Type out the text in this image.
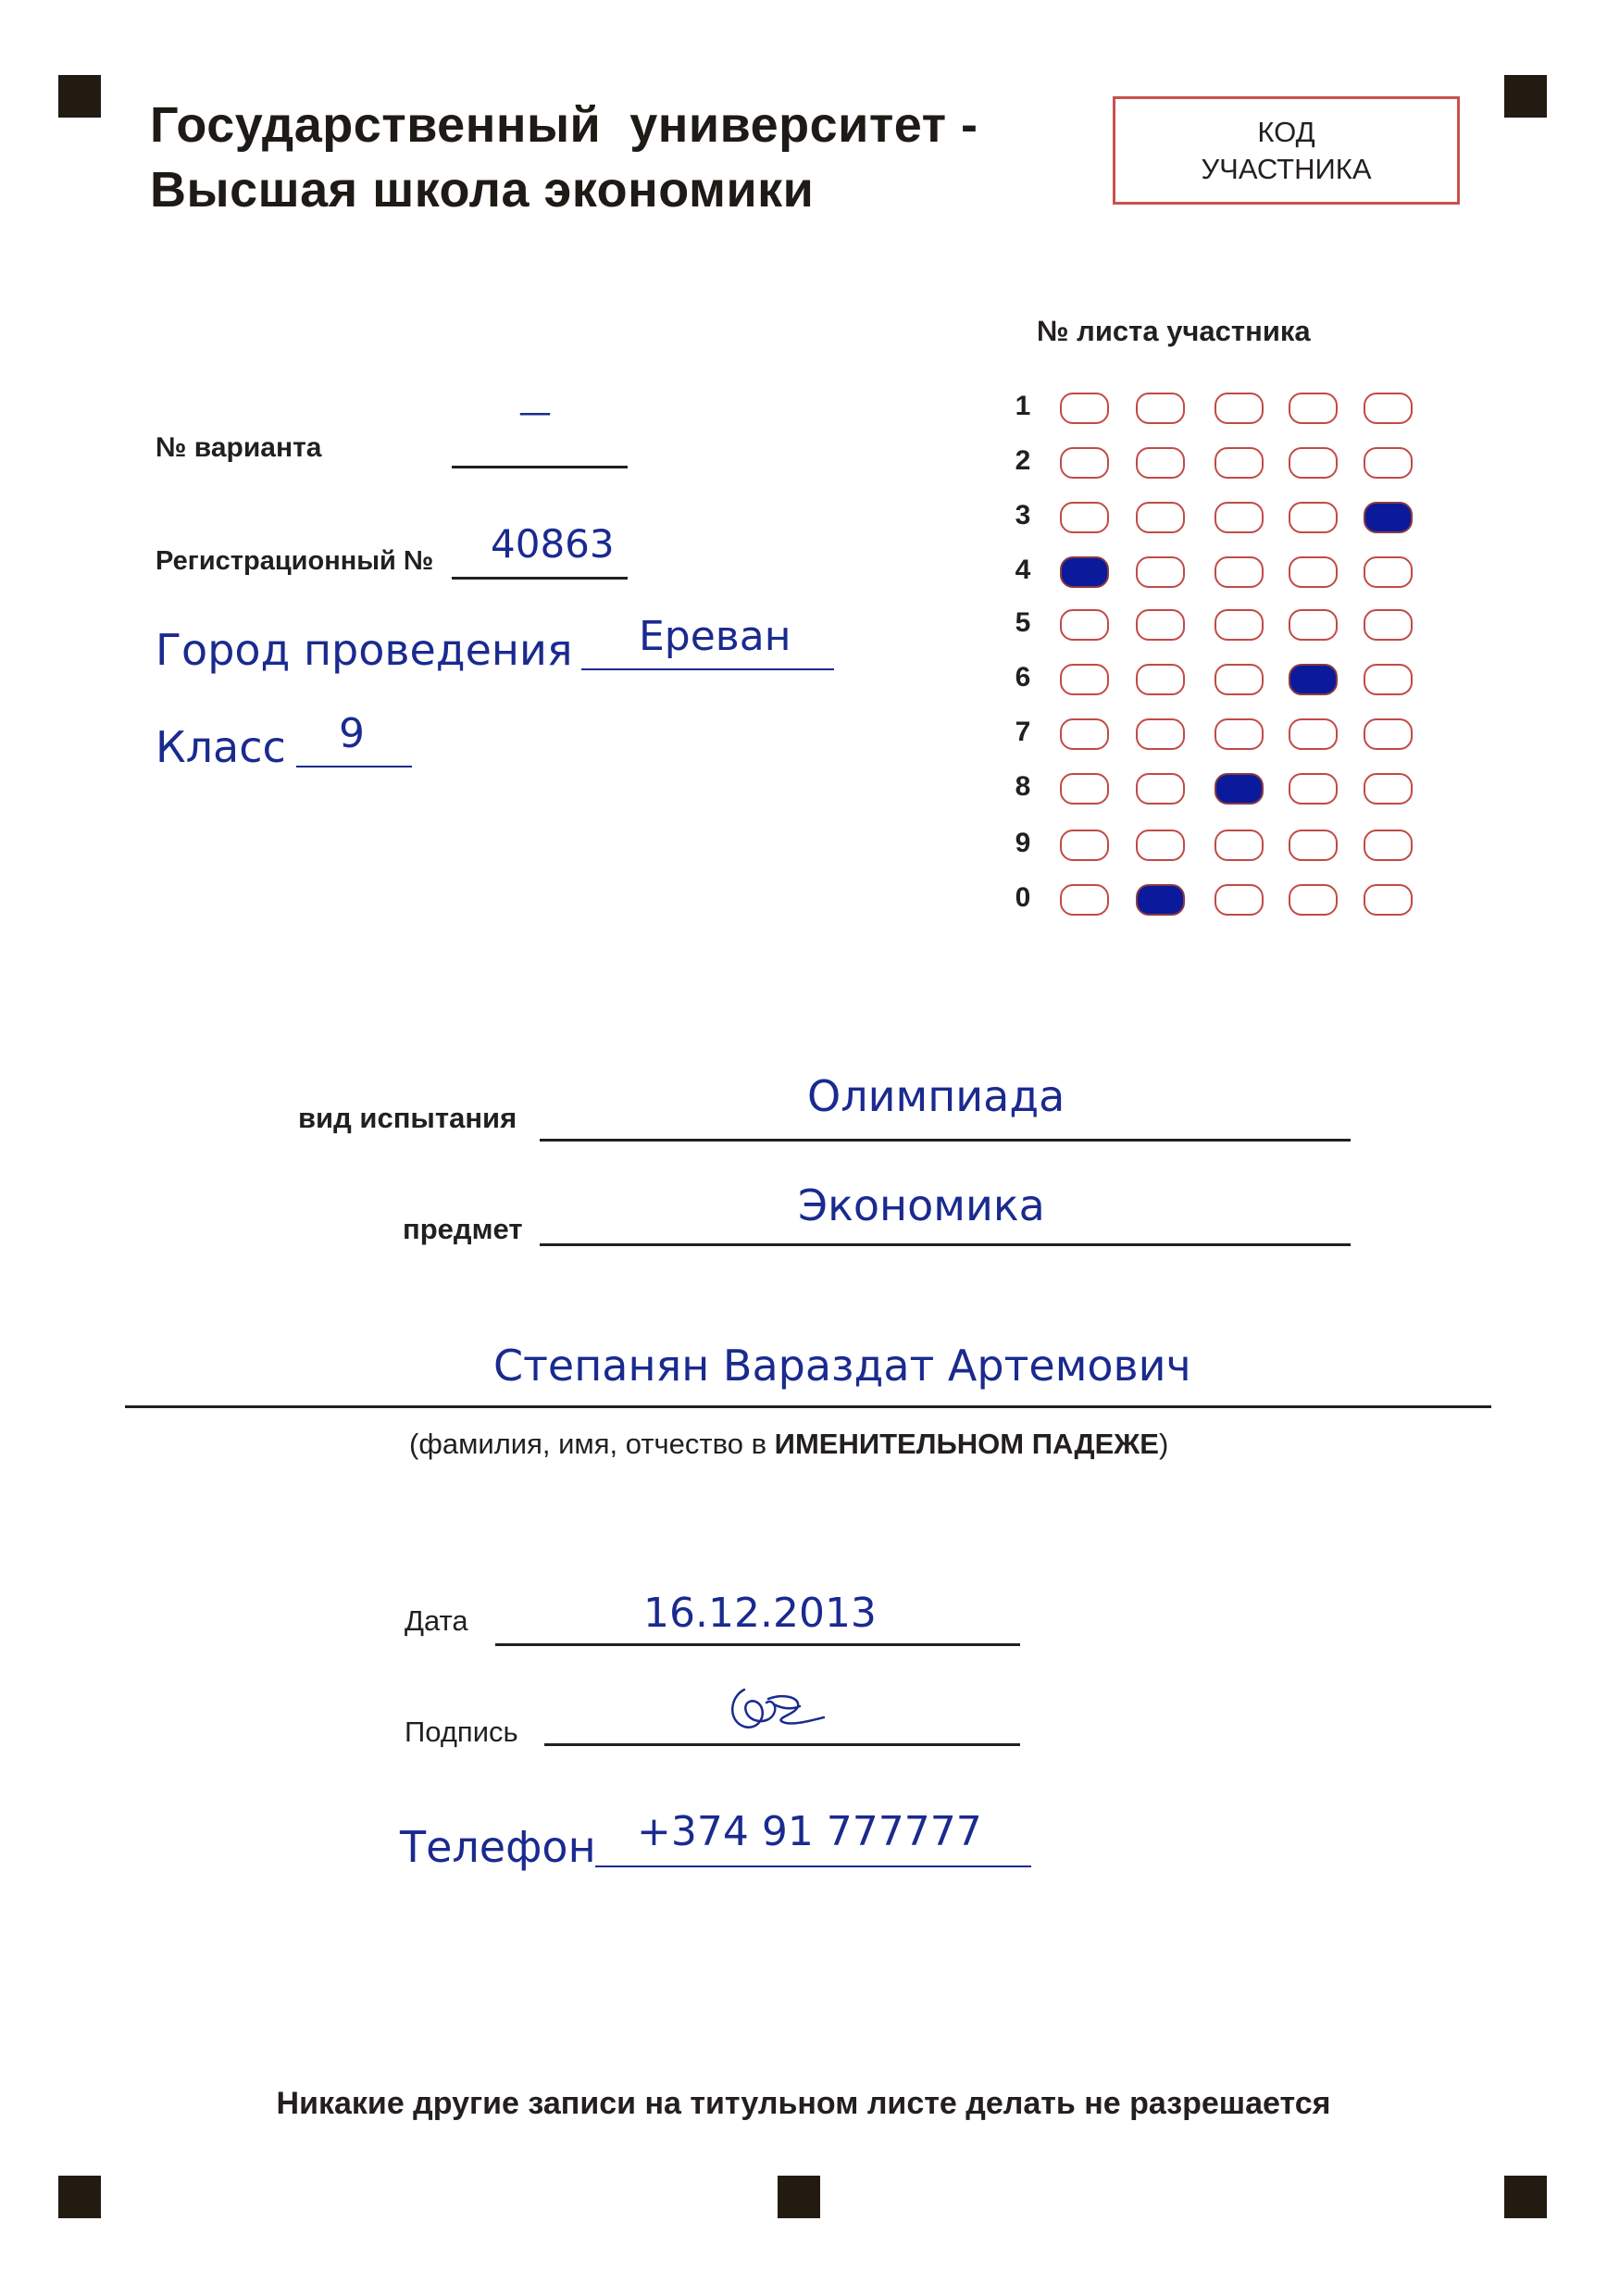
Государственный  университет -
Высшая школа экономики
КОД
УЧАСТНИКА
№ листа участника
1
2
3
4
5
6
7
8
9
0
№ варианта
—
Регистрационный № 40863
Город проведения Ереван
Класс 9
вид испытания	Олимпиада
предмет	Экономика
Степанян Вараздат Артемович
(фамилия, имя, отчество в ИМЕНИТЕЛЬНОМ ПАДЕЖЕ)
Дата	16.12.2013
Подпись
Телефон +374 91 777777
Никакие другие записи на титульном листе делать не разрешается
